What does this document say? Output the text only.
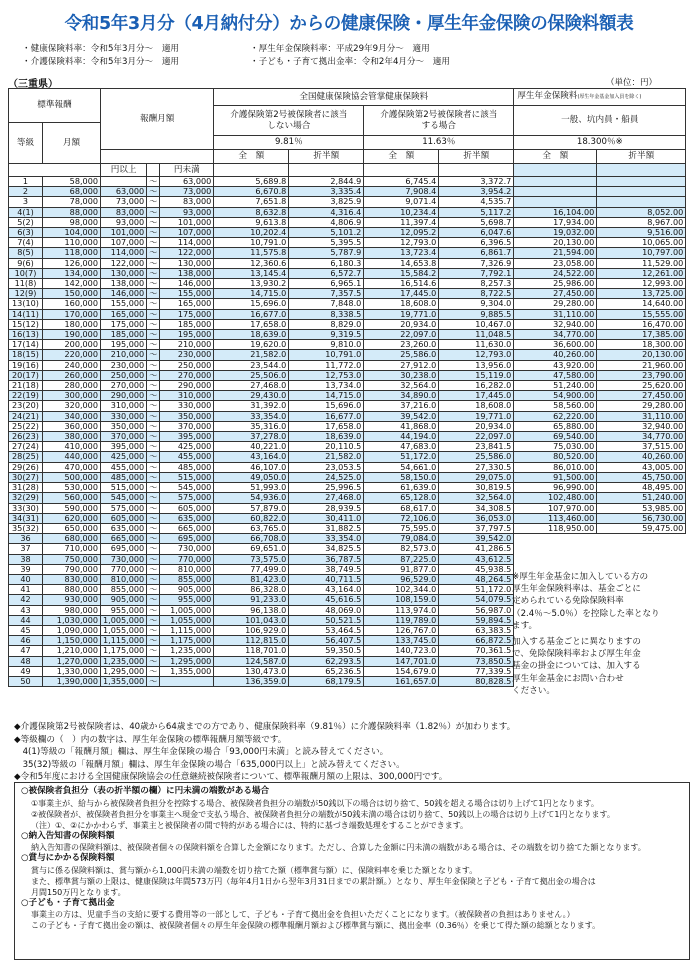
令和5年3月分（4月納付分）からの健康保険・厚生年金保険の保険料額表
・健康保険料率：令和5年3月分～　適用	・厚生年金保険料率：平成29年9月分～　適用
・介護保険料率：令和5年3月分～　適用	・子ども・子育て拠出金率：令和2年4月分～　適用
（三重県）	（単位：円）
標準報酬		報酬月額			全国健康保険協会管掌健康保険料				厚生年金保険料(厚生年金基金加入員を除く)	
					介護保険第2号被保険者に該当しない場合		介護保険第2号被保険者に該当する場合		一般、坑内員・船員	
等級	月額									
					9.81％		11.63％		18.300％※	
					全　額	折半額	全　額	折半額	全　額	折半額
		円以上		円未満						
1	58,000		～	63,000	5,689.8	2,844.9	6,745.4	3,372.7		
2	68,000	63,000	～	73,000	6,670.8	3,335.4	7,908.4	3,954.2		
3	78,000	73,000	～	83,000	7,651.8	3,825.9	9,071.4	4,535.7		
4(1)	88,000	83,000	～	93,000	8,632.8	4,316.4	10,234.4	5,117.2	16,104.00	8,052.00
5(2)	98,000	93,000	～	101,000	9,613.8	4,806.9	11,397.4	5,698.7	17,934.00	8,967.00
6(3)	104,000	101,000	～	107,000	10,202.4	5,101.2	12,095.2	6,047.6	19,032.00	9,516.00
7(4)	110,000	107,000	～	114,000	10,791.0	5,395.5	12,793.0	6,396.5	20,130.00	10,065.00
8(5)	118,000	114,000	～	122,000	11,575.8	5,787.9	13,723.4	6,861.7	21,594.00	10,797.00
9(6)	126,000	122,000	～	130,000	12,360.6	6,180.3	14,653.8	7,326.9	23,058.00	11,529.00
10(7)	134,000	130,000	～	138,000	13,145.4	6,572.7	15,584.2	7,792.1	24,522.00	12,261.00
11(8)	142,000	138,000	～	146,000	13,930.2	6,965.1	16,514.6	8,257.3	25,986.00	12,993.00
12(9)	150,000	146,000	～	155,000	14,715.0	7,357.5	17,445.0	8,722.5	27,450.00	13,725.00
13(10)	160,000	155,000	～	165,000	15,696.0	7,848.0	18,608.0	9,304.0	29,280.00	14,640.00
14(11)	170,000	165,000	～	175,000	16,677.0	8,338.5	19,771.0	9,885.5	31,110.00	15,555.00
15(12)	180,000	175,000	～	185,000	17,658.0	8,829.0	20,934.0	10,467.0	32,940.00	16,470.00
16(13)	190,000	185,000	～	195,000	18,639.0	9,319.5	22,097.0	11,048.5	34,770.00	17,385.00
17(14)	200,000	195,000	～	210,000	19,620.0	9,810.0	23,260.0	11,630.0	36,600.00	18,300.00
18(15)	220,000	210,000	～	230,000	21,582.0	10,791.0	25,586.0	12,793.0	40,260.00	20,130.00
19(16)	240,000	230,000	～	250,000	23,544.0	11,772.0	27,912.0	13,956.0	43,920.00	21,960.00
20(17)	260,000	250,000	～	270,000	25,506.0	12,753.0	30,238.0	15,119.0	47,580.00	23,790.00
21(18)	280,000	270,000	～	290,000	27,468.0	13,734.0	32,564.0	16,282.0	51,240.00	25,620.00
22(19)	300,000	290,000	～	310,000	29,430.0	14,715.0	34,890.0	17,445.0	54,900.00	27,450.00
23(20)	320,000	310,000	～	330,000	31,392.0	15,696.0	37,216.0	18,608.0	58,560.00	29,280.00
24(21)	340,000	330,000	～	350,000	33,354.0	16,677.0	39,542.0	19,771.0	62,220.00	31,110.00
25(22)	360,000	350,000	～	370,000	35,316.0	17,658.0	41,868.0	20,934.0	65,880.00	32,940.00
26(23)	380,000	370,000	～	395,000	37,278.0	18,639.0	44,194.0	22,097.0	69,540.00	34,770.00
27(24)	410,000	395,000	～	425,000	40,221.0	20,110.5	47,683.0	23,841.5	75,030.00	37,515.00
28(25)	440,000	425,000	～	455,000	43,164.0	21,582.0	51,172.0	25,586.0	80,520.00	40,260.00
29(26)	470,000	455,000	～	485,000	46,107.0	23,053.5	54,661.0	27,330.5	86,010.00	43,005.00
30(27)	500,000	485,000	～	515,000	49,050.0	24,525.0	58,150.0	29,075.0	91,500.00	45,750.00
31(28)	530,000	515,000	～	545,000	51,993.0	25,996.5	61,639.0	30,819.5	96,990.00	48,495.00
32(29)	560,000	545,000	～	575,000	54,936.0	27,468.0	65,128.0	32,564.0	102,480.00	51,240.00
33(30)	590,000	575,000	～	605,000	57,879.0	28,939.5	68,617.0	34,308.5	107,970.00	53,985.00
34(31)	620,000	605,000	～	635,000	60,822.0	30,411.0	72,106.0	36,053.0	113,460.00	56,730.00
35(32)	650,000	635,000	～	665,000	63,765.0	31,882.5	75,595.0	37,797.5	118,950.00	59,475.00
36	680,000	665,000	～	695,000	66,708.0	33,354.0	79,084.0	39,542.0		
37	710,000	695,000	～	730,000	69,651.0	34,825.5	82,573.0	41,286.5		
38	750,000	730,000	～	770,000	73,575.0	36,787.5	87,225.0	43,612.5		
39	790,000	770,000	～	810,000	77,499.0	38,749.5	91,877.0	45,938.5		
40	830,000	810,000	～	855,000	81,423.0	40,711.5	96,529.0	48,264.5		
41	880,000	855,000	～	905,000	86,328.0	43,164.0	102,344.0	51,172.0		
42	930,000	905,000	～	955,000	91,233.0	45,616.5	108,159.0	54,079.5		
43	980,000	955,000	～	1,005,000	96,138.0	48,069.0	113,974.0	56,987.0		
44	1,030,000	1,005,000	～	1,055,000	101,043.0	50,521.5	119,789.0	59,894.5		
45	1,090,000	1,055,000	～	1,115,000	106,929.0	53,464.5	126,767.0	63,383.5		
46	1,150,000	1,115,000	～	1,175,000	112,815.0	56,407.5	133,745.0	66,872.5		
47	1,210,000	1,175,000	～	1,235,000	118,701.0	59,350.5	140,723.0	70,361.5		
48	1,270,000	1,235,000	～	1,295,000	124,587.0	62,293.5	147,701.0	73,850.5		
49	1,330,000	1,295,000	～	1,355,000	130,473.0	65,236.5	154,679.0	77,339.5		
50	1,390,000	1,355,000	～		136,359.0	68,179.5	161,657.0	80,828.5		
※厚生年金基金に加入している方の
厚生年金保険料率は、基金ごとに
定められている免除保険料率
（2.4％～5.0％）を控除した率となり
ます。
加入する基金ごとに異なりますの
で、免除保険料率および厚生年金
基金の掛金については、加入する
厚生年金基金にお問い合わせ
ください。
◆介護保険第2号被保険者は、40歳から64歳までの方であり、健康保険料率（9.81％）に介護保険料率（1.82％）が加わります。
◆等級欄の（　）内の数字は、厚生年金保険の標準報酬月額等級です。
　4(1)等級の「報酬月額」欄は、厚生年金保険の場合「93,000円未満」と読み替えてください。
　35(32)等級の「報酬月額」欄は、厚生年金保険の場合「635,000円以上」と読み替えてください。
◆令和5年度における全国健康保険協会の任意継続被保険者について、標準報酬月額の上限は、300,000円です。
○被保険者負担分（表の折半額の欄）に円未満の端数がある場合
①事業主が、給与から被保険者負担分を控除する場合、被保険者負担分の端数が50銭以下の場合は切り捨て、50銭を超える場合は切り上げて1円となります。
②被保険者が、被保険者負担分を事業主へ現金で支払う場合、被保険者負担分の端数が50銭未満の場合は切り捨て、50銭以上の場合は切り上げて1円となります。
（注）①、②にかかわらず、事業主と被保険者の間で特約がある場合には、特約に基づき端数処理をすることができます。
○納入告知書の保険料額
納入告知書の保険料額は、被保険者個々の保険料額を合算した金額になります。ただし、合算した金額に円未満の端数がある場合は、その端数を切り捨てた額となります。
○賞与にかかる保険料額
賞与に係る保険料額は、賞与額から1,000円未満の端数を切り捨てた額（標準賞与額）に、保険料率を乗じた額となります。
また、標準賞与額の上限は、健康保険は年間573万円（毎年4月1日から翌年3月31日までの累計額。）となり、厚生年金保険と子ども・子育て拠出金の場合は
月間150万円となります。
○子ども・子育て拠出金
事業主の方は、児童手当の支給に要する費用等の一部として、子ども・子育て拠出金を負担いただくことになります。（被保険者の負担はありません。）
この子ども・子育て拠出金の額は、被保険者個々の厚生年金保険の標準報酬月額および標準賞与額に、拠出金率（0.36％）を乗じて得た額の総額となります。
